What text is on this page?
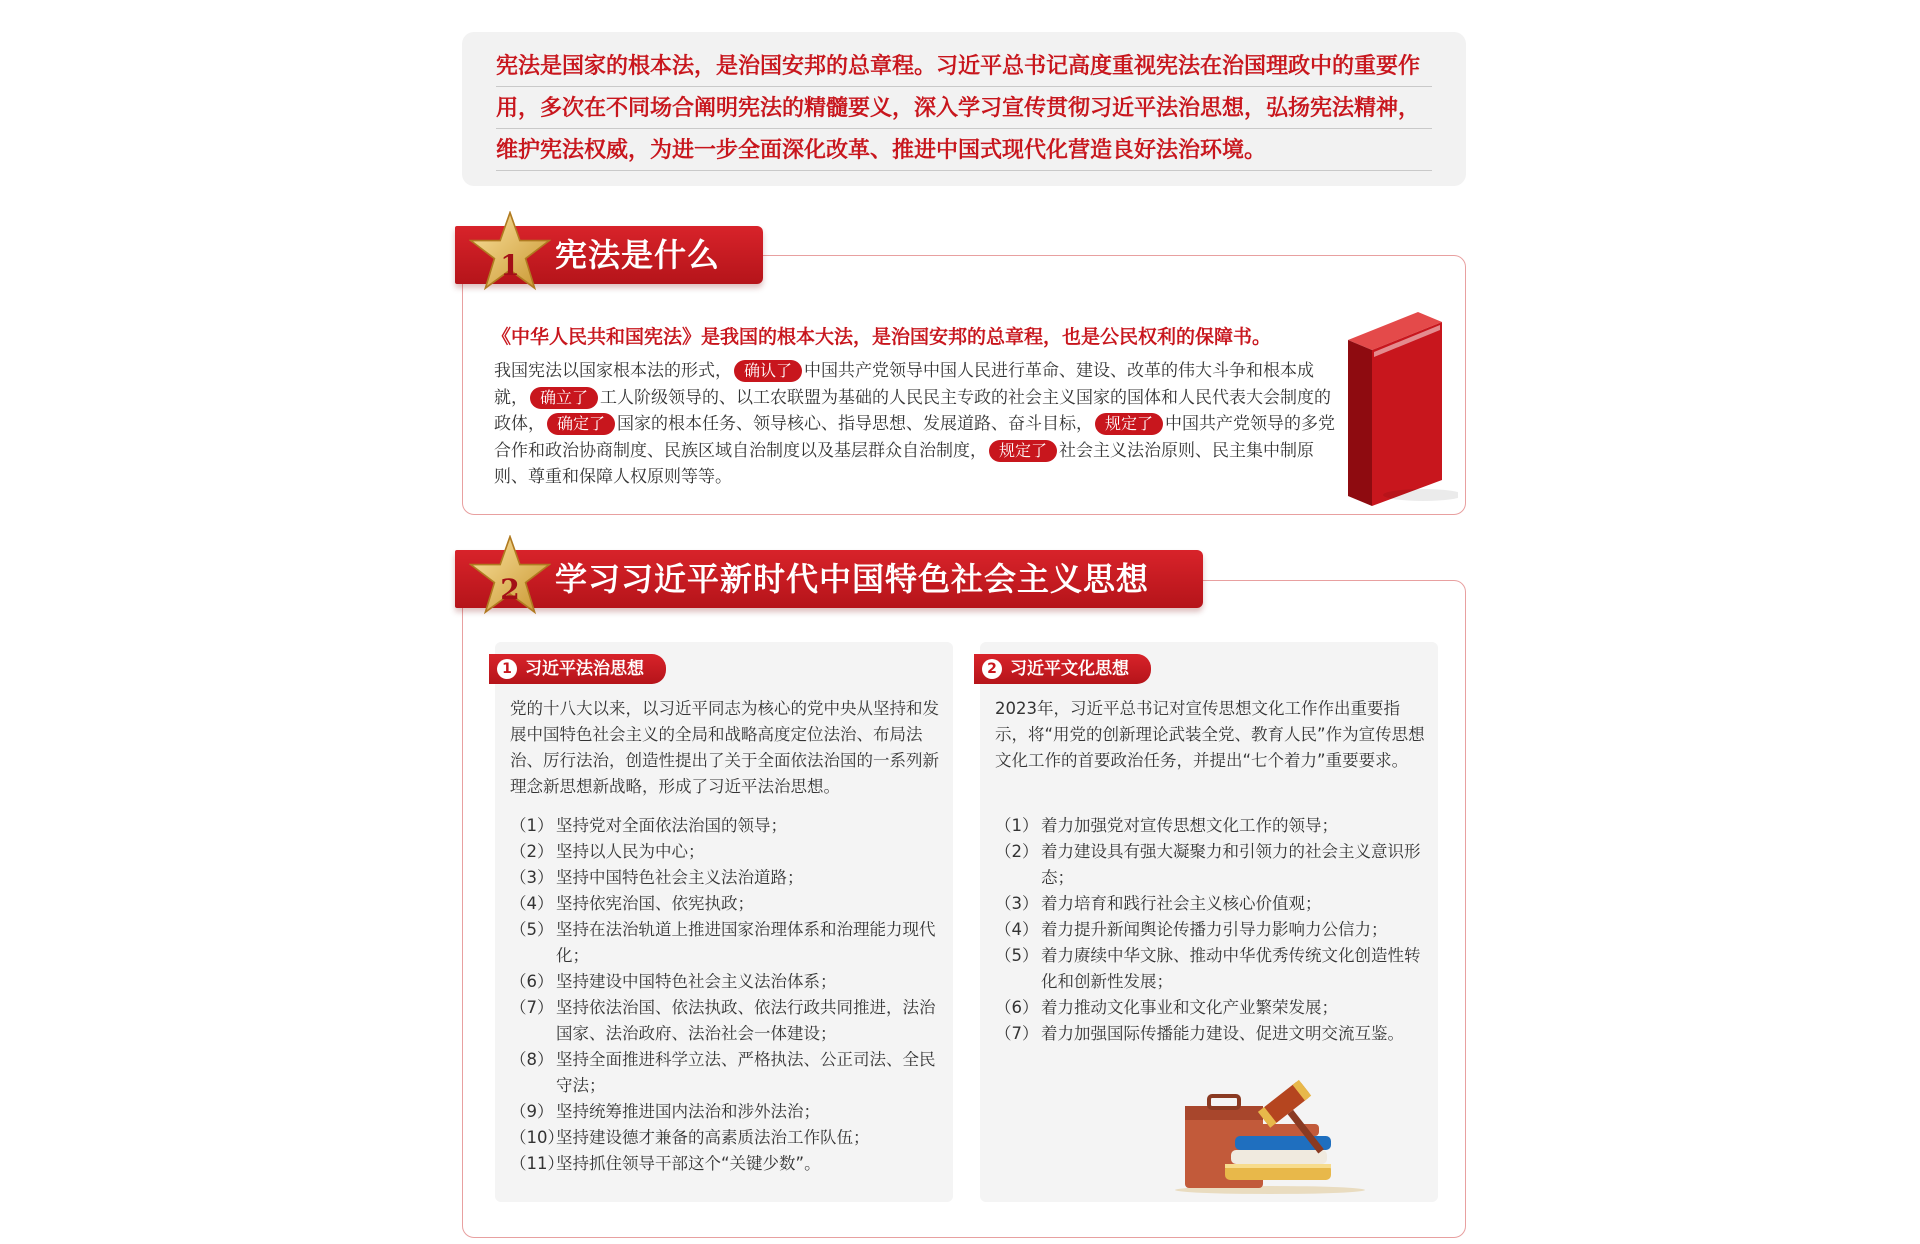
宪法是国家的根本法，是治国安邦的总章程。习近平总书记高度重视宪法在治国理政中的重要作用，多次在不同场合阐明宪法的精髓要义，深入学习宣传贯彻习近平法治思想，弘扬宪法精神，维护宪法权威，为进一步全面深化改革、推进中国式现代化营造良好法治环境。
1	宪法是什么
《中华人民共和国宪法》是我国的根本大法，是治国安邦的总章程，也是公民权利的保障书。
我国宪法以国家根本法的形式， 确认了 中国共产党领导中国人民进行革命、建设、改革的伟大斗争和根本成就， 确立了 工人阶级领导的、以工农联盟为基础的人民民主专政的社会主义国家的国体和人民代表大会制度的政体， 确定了 国家的根本任务、领导核心、指导思想、发展道路、奋斗目标， 规定了 中国共产党领导的多党合作和政治协商制度、民族区域自治制度以及基层群众自治制度， 规定了 社会主义法治原则、民主集中制原则、尊重和保障人权原则等等。
2	学习习近平新时代中国特色社会主义思想
1 习近平法治思想
党的十八大以来，以习近平同志为核心的党中央从坚持和发展中国特色社会主义的全局和战略高度定位法治、布局法治、厉行法治，创造性提出了关于全面依法治国的一系列新理念新思想新战略，形成了习近平法治思想。
（1） 坚持党对全面依法治国的领导；
（2） 坚持以人民为中心；
（3） 坚持中国特色社会主义法治道路；
（4） 坚持依宪治国、依宪执政；
（5） 坚持在法治轨道上推进国家治理体系和治理能力现代化；
（6） 坚持建设中国特色社会主义法治体系；
（7） 坚持依法治国、依法执政、依法行政共同推进，法治国家、法治政府、法治社会一体建设；
（8） 坚持全面推进科学立法、严格执法、公正司法、全民守法；
（9） 坚持统筹推进国内法治和涉外法治；
（10）坚持建设德才兼备的高素质法治工作队伍；
（11）坚持抓住领导干部这个“关键少数”。
2 习近平文化思想
2023年，习近平总书记对宣传思想文化工作作出重要指示，将“用党的创新理论武装全党、教育人民”作为宣传思想文化工作的首要政治任务，并提出“七个着力”重要要求。
（1） 着力加强党对宣传思想文化工作的领导；
（2） 着力建设具有强大凝聚力和引领力的社会主义意识形态；
（3） 着力培育和践行社会主义核心价值观；
（4） 着力提升新闻舆论传播力引导力影响力公信力；
（5） 着力赓续中华文脉、推动中华优秀传统文化创造性转化和创新性发展；
（6） 着力推动文化事业和文化产业繁荣发展；
（7） 着力加强国际传播能力建设、促进文明交流互鉴。
